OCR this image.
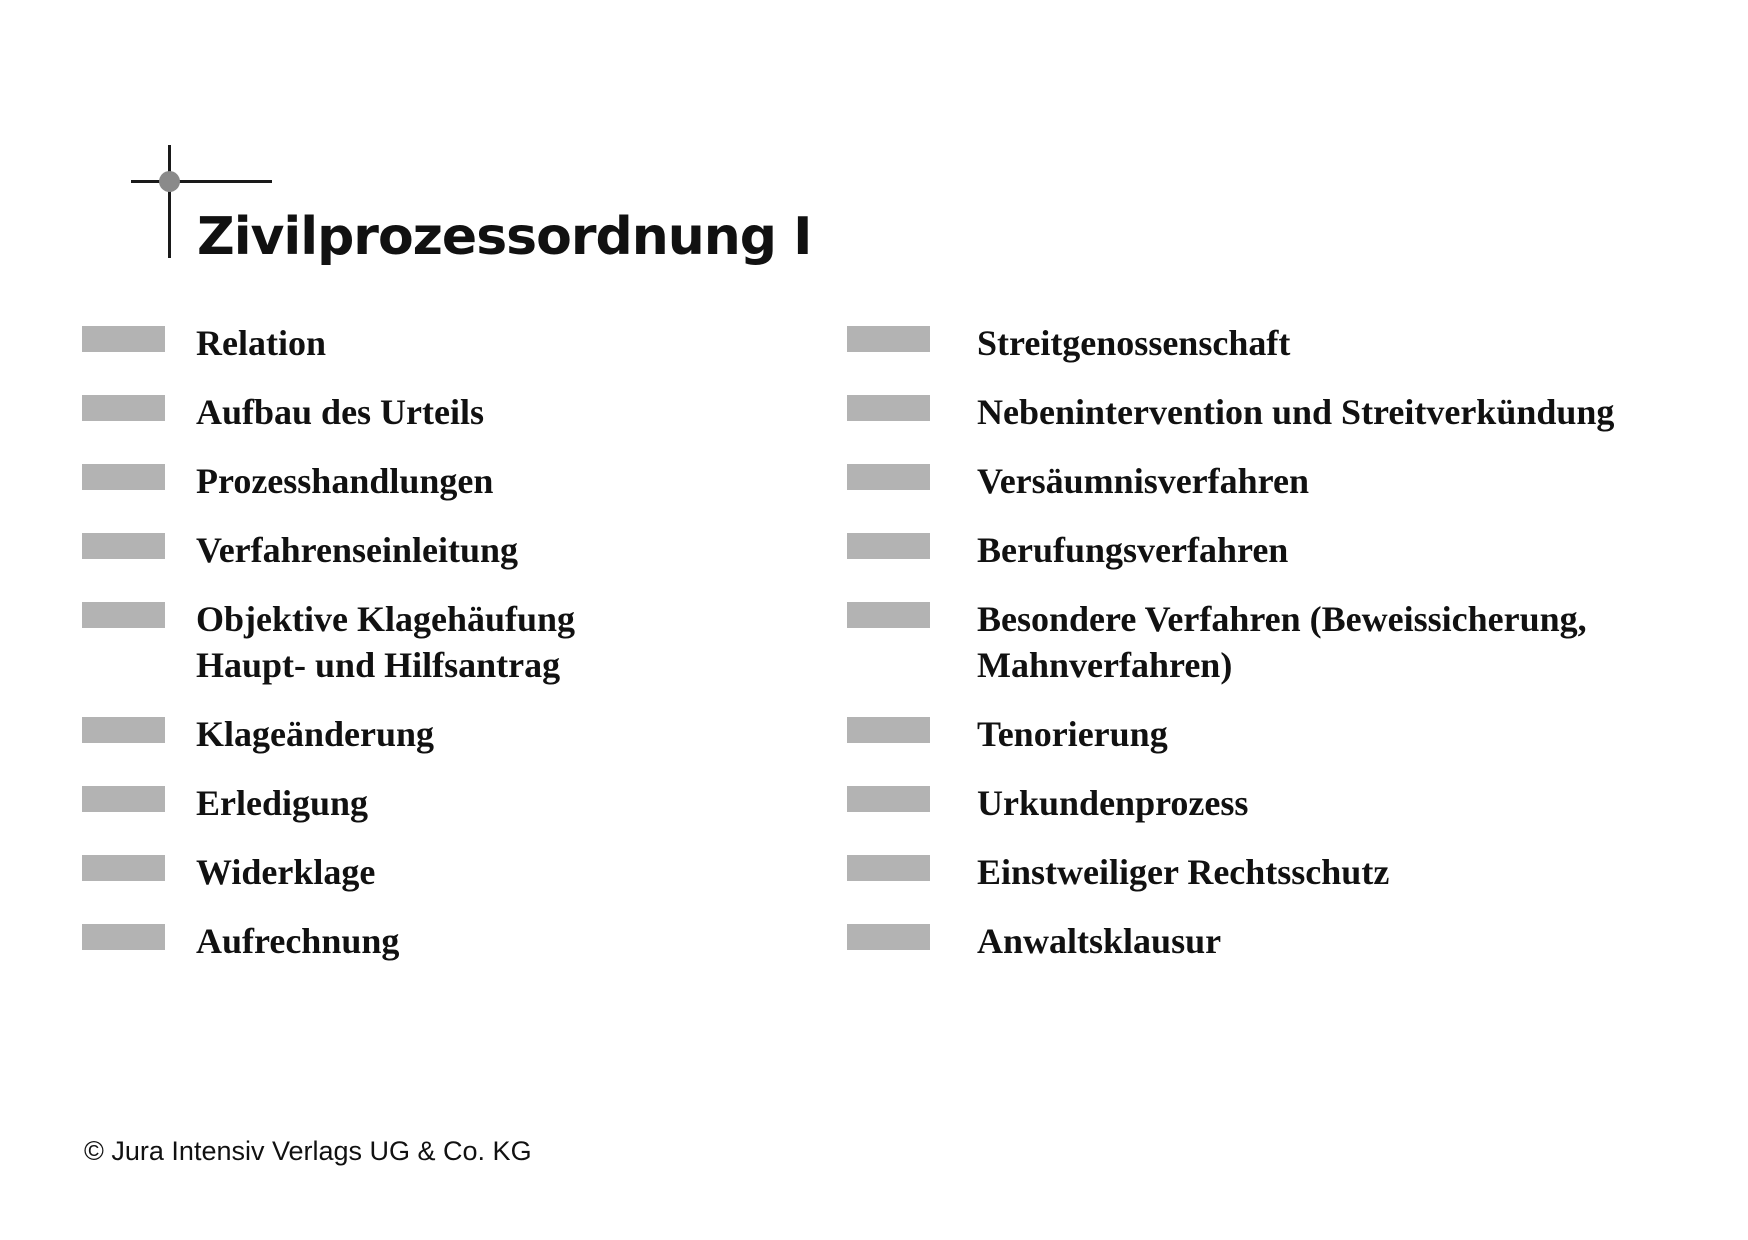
Zivilprozessordnung I
Relation
Aufbau des Urteils
Prozesshandlungen
Verfahrenseinleitung
Objektive Klagehäufung
Haupt- und Hilfsantrag
Klageänderung
Erledigung
Widerklage
Aufrechnung
Streitgenossenschaft
Nebenintervention und Streitverkündung
Versäumnisverfahren
Berufungsverfahren
Besondere Verfahren (Beweissicherung,
Mahnverfahren)
Tenorierung
Urkundenprozess
Einstweiliger Rechtsschutz
Anwaltsklausur

© Jura Intensiv Verlags UG & Co. KG
